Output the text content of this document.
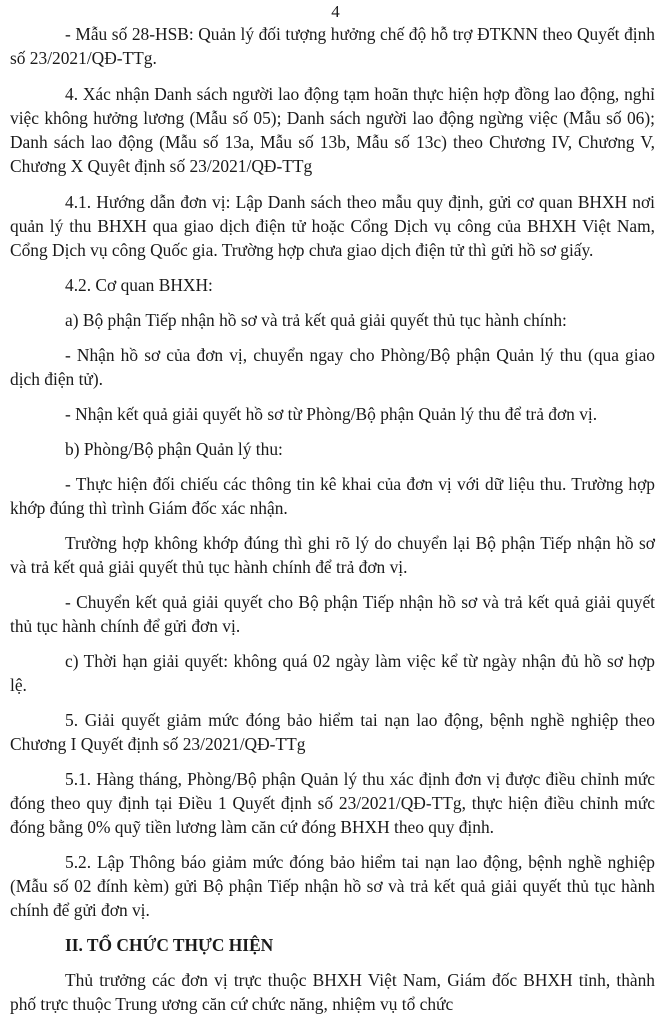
4

- Mẫu số 28-HSB: Quản lý đối tượng hưởng chế độ hỗ trợ ĐTKNN theo Quyết định số 23/2021/QĐ-TTg.

4. Xác nhận Danh sách người lao động tạm hoãn thực hiện hợp đồng lao động, nghỉ việc không hưởng lương (Mẫu số 05); Danh sách người lao động ngừng việc (Mẫu số 06); Danh sách lao động (Mẫu số 13a, Mẫu số 13b, Mẫu số 13c) theo Chương IV, Chương V, Chương X Quyêt định số 23/2021/QĐ-TTg

4.1. Hướng dẫn đơn vị: Lập Danh sách theo mẫu quy định, gửi cơ quan BHXH nơi quản lý thu BHXH qua giao dịch điện tử hoặc Cổng Dịch vụ công của BHXH Việt Nam, Cổng Dịch vụ công Quốc gia. Trường hợp chưa giao dịch điện tử thì gửi hồ sơ giấy.

4.2. Cơ quan BHXH:

a) Bộ phận Tiếp nhận hồ sơ và trả kết quả giải quyết thủ tục hành chính:

- Nhận hồ sơ của đơn vị, chuyển ngay cho Phòng/Bộ phận Quản lý thu (qua giao dịch điện tử).

- Nhận kết quả giải quyết hồ sơ từ Phòng/Bộ phận Quản lý thu để trả đơn vị.

b) Phòng/Bộ phận Quản lý thu:

- Thực hiện đối chiếu các thông tin kê khai của đơn vị với dữ liệu thu. Trường hợp khớp đúng thì trình Giám đốc xác nhận.

Trường hợp không khớp đúng thì ghi rõ lý do chuyển lại Bộ phận Tiếp nhận hồ sơ và trả kết quả giải quyết thủ tục hành chính để trả đơn vị.

- Chuyển kết quả giải quyết cho Bộ phận Tiếp nhận hồ sơ và trả kết quả giải quyết thủ tục hành chính để gửi đơn vị.

c) Thời hạn giải quyết: không quá 02 ngày làm việc kể từ ngày nhận đủ hồ sơ hợp lệ.

5. Giải quyết giảm mức đóng bảo hiểm tai nạn lao động, bệnh nghề nghiệp theo Chương I Quyết định số 23/2021/QĐ-TTg

5.1. Hàng tháng, Phòng/Bộ phận Quản lý thu xác định đơn vị được điều chỉnh mức đóng theo quy định tại Điều 1 Quyết định số 23/2021/QĐ-TTg, thực hiện điều chỉnh mức đóng bằng 0% quỹ tiền lương làm căn cứ đóng BHXH theo quy định.

5.2. Lập Thông báo giảm mức đóng bảo hiểm tai nạn lao động, bệnh nghề nghiệp (Mẫu số 02 đính kèm) gửi Bộ phận Tiếp nhận hồ sơ và trả kết quả giải quyết thủ tục hành chính để gửi đơn vị.

II. TỔ CHỨC THỰC HIỆN

Thủ trưởng các đơn vị trực thuộc BHXH Việt Nam, Giám đốc BHXH tỉnh, thành phố trực thuộc Trung ương căn cứ chức năng, nhiệm vụ tổ chức
